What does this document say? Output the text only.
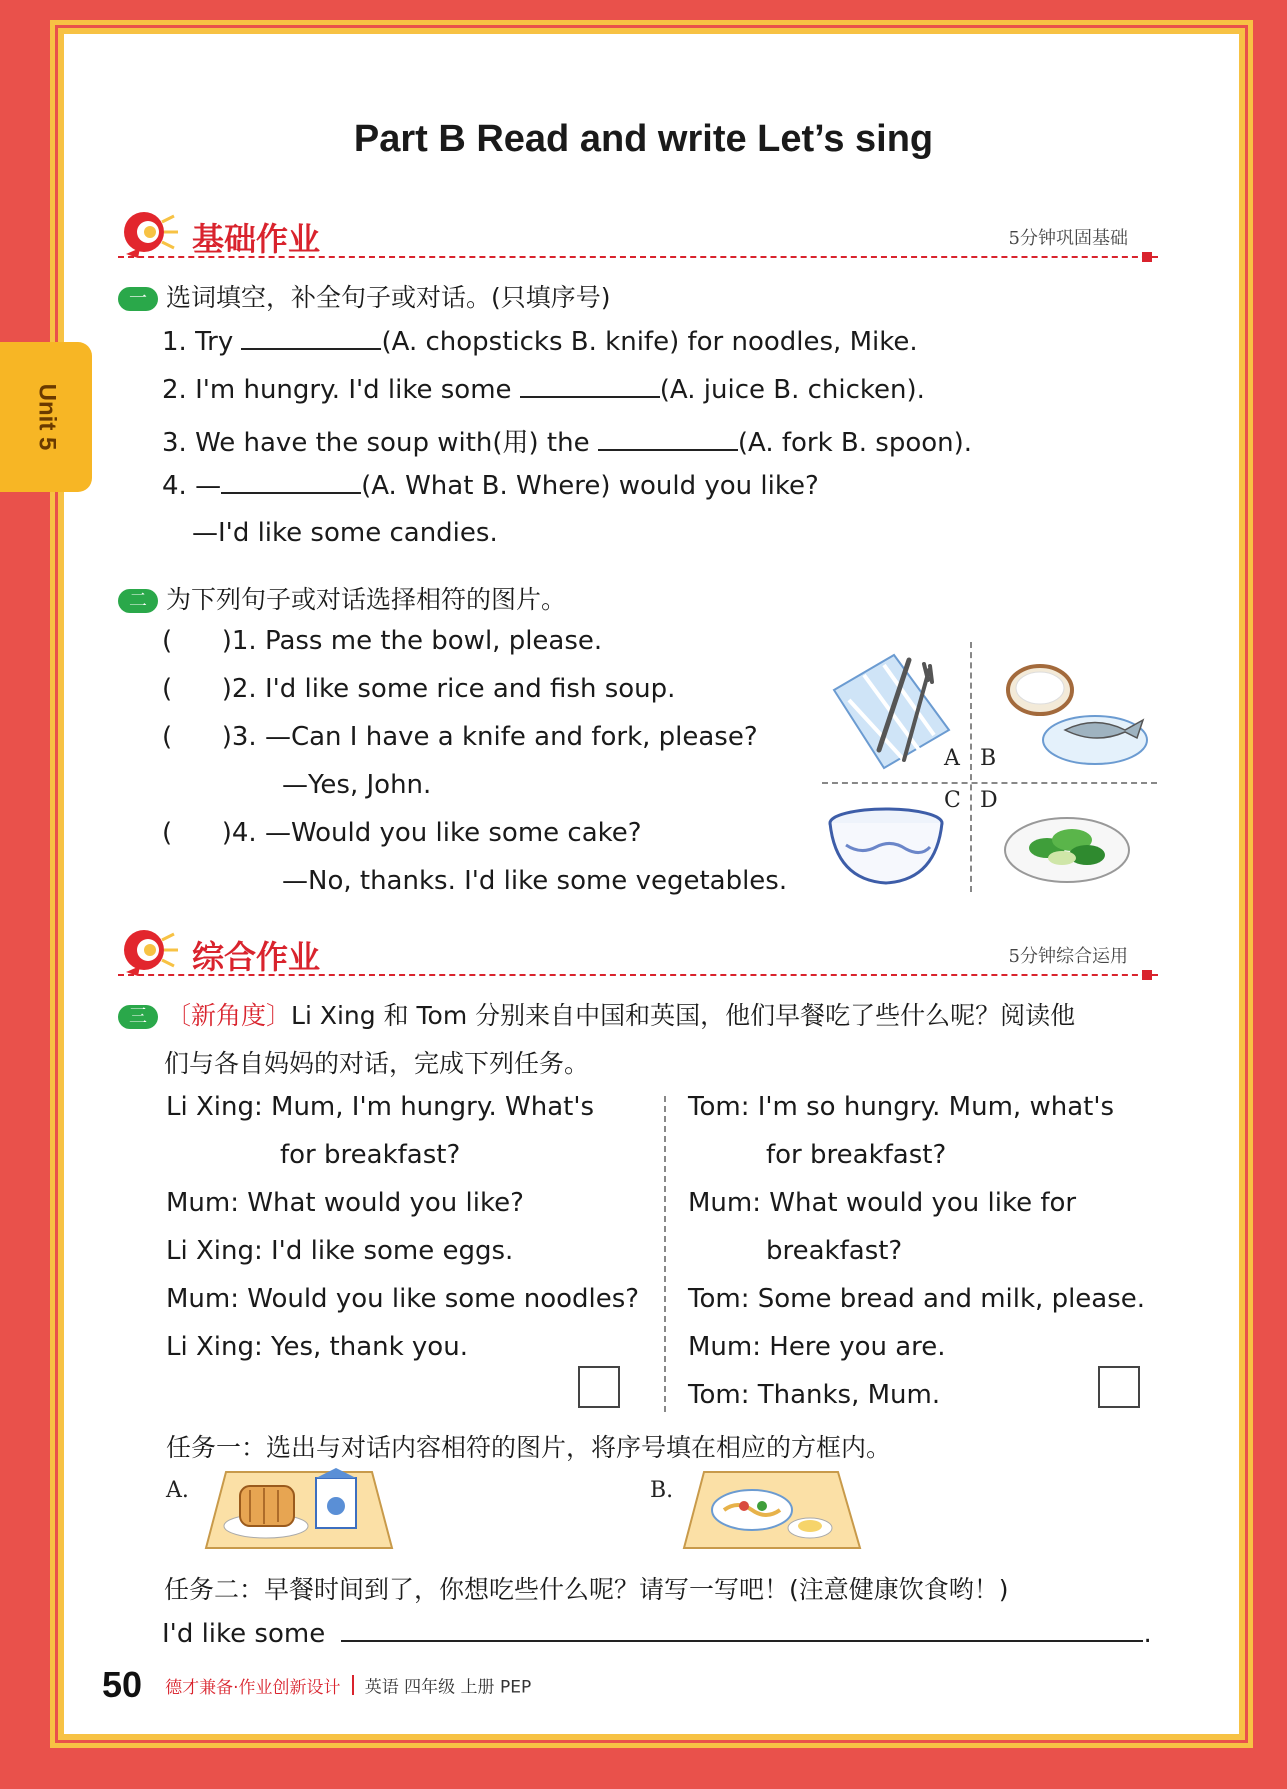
Unit 5
Part B Read and write Let’s sing
基础作业	5分钟巩固基础
一 选词填空，补全句子或对话。(只填序号)
1. Try	(A. chopsticks B. knife) for noodles, Mike.
2. I'm hungry. I'd like some	(A. juice B. chicken).
3. We have the soup with(用) the	(A. fork B. spoon).
4. —	(A. What B. Where) would you like?
—I'd like some candies.
二 为下列句子或对话选择相符的图片。
(      )1. Pass me the bowl, please.
(      )2. I'd like some rice and fish soup.
(      )3. —Can I have a knife and fork, please?
—Yes, John.
(      )4. —Would you like some cake?
—No, thanks. I'd like some vegetables.
A B
C D
综合作业	5分钟综合运用
三 〔新角度〕Li Xing 和 Tom 分别来自中国和英国，他们早餐吃了些什么呢？阅读他
们与各自妈妈的对话，完成下列任务。
Li Xing: Mum, I'm hungry. What's
for breakfast?
Mum: What would you like?
Li Xing: I'd like some eggs.
Mum: Would you like some noodles?
Li Xing: Yes, thank you.
Tom: I'm so hungry. Mum, what's
for breakfast?
Mum: What would you like for
breakfast?
Tom: Some bread and milk, please.
Mum: Here you are.
Tom: Thanks, Mum.
任务一：选出与对话内容相符的图片，将序号填在相应的方框内。
A.	B.
任务二：早餐时间到了，你想吃些什么呢？请写一写吧！(注意健康饮食哟！)
I'd like some	.
50 德才兼备·作业创新设计 英语 四年级 上册 PEP
